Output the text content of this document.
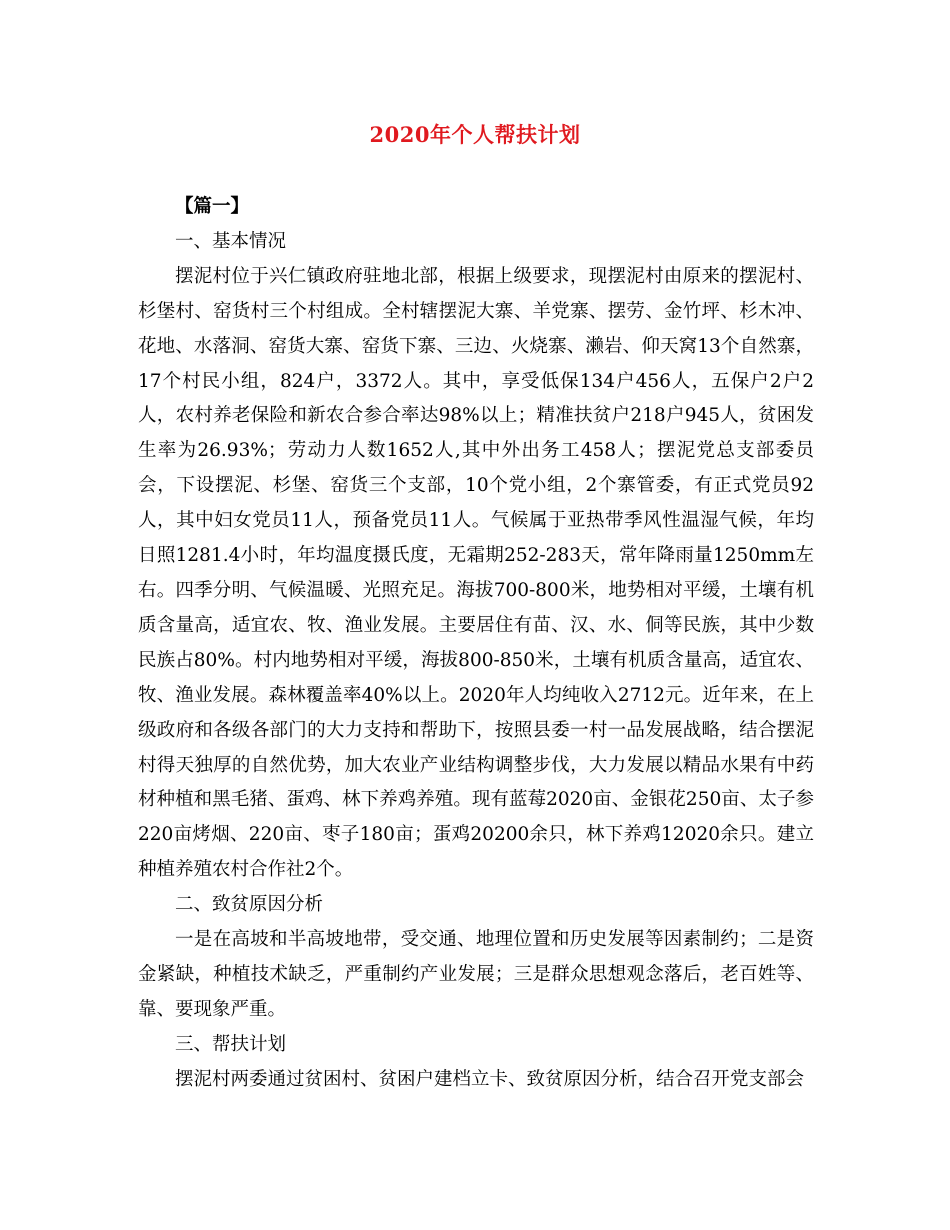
2020年个人帮扶计划

【篇一】

一、基本情况

摆泥村位于兴仁镇政府驻地北部，根据上级要求，现摆泥村由原来的摆泥村、杉堡村、窑货村三个村组成。全村辖摆泥大寨、羊党寨、摆劳、金竹坪、杉木冲、花地、水落洞、窑货大寨、窑货下寨、三边、火烧寨、濑岩、仰天窝13个自然寨，17个村民小组，824户，3372人。其中，享受低保134户456人，五保户2户2人，农村养老保险和新农合参合率达98%以上；精准扶贫户218户945人，贫困发生率为26.93%；劳动力人数1652人,其中外出务工458人；摆泥党总支部委员会，下设摆泥、杉堡、窑货三个支部，10个党小组，2个寨管委，有正式党员92人，其中妇女党员11人，预备党员11人。气候属于亚热带季风性温湿气候，年均日照1281.4小时，年均温度摄氏度，无霜期252-283天，常年降雨量1250mm左右。四季分明、气候温暖、光照充足。海拔700-800米，地势相对平缓，土壤有机质含量高，适宜农、牧、渔业发展。主要居住有苗、汉、水、侗等民族，其中少数民族占80%。村内地势相对平缓，海拔800-850米，土壤有机质含量高，适宜农、牧、渔业发展。森林覆盖率40%以上。2020年人均纯收入2712元。近年来，在上级政府和各级各部门的大力支持和帮助下，按照县委一村一品发展战略，结合摆泥村得天独厚的自然优势，加大农业产业结构调整步伐，大力发展以精品水果有中药材种植和黑毛猪、蛋鸡、林下养鸡养殖。现有蓝莓2020亩、金银花250亩、太子参220亩烤烟、220亩、枣子180亩；蛋鸡20200余只，林下养鸡12020余只。建立种植养殖农村合作社2个。

二、致贫原因分析

一是在高坡和半高坡地带，受交通、地理位置和历史发展等因素制约；二是资金紧缺，种植技术缺乏，严重制约产业发展；三是群众思想观念落后，老百姓等、靠、要现象严重。

三、帮扶计划

摆泥村两委通过贫困村、贫困户建档立卡、致贫原因分析，结合召开党支部会
